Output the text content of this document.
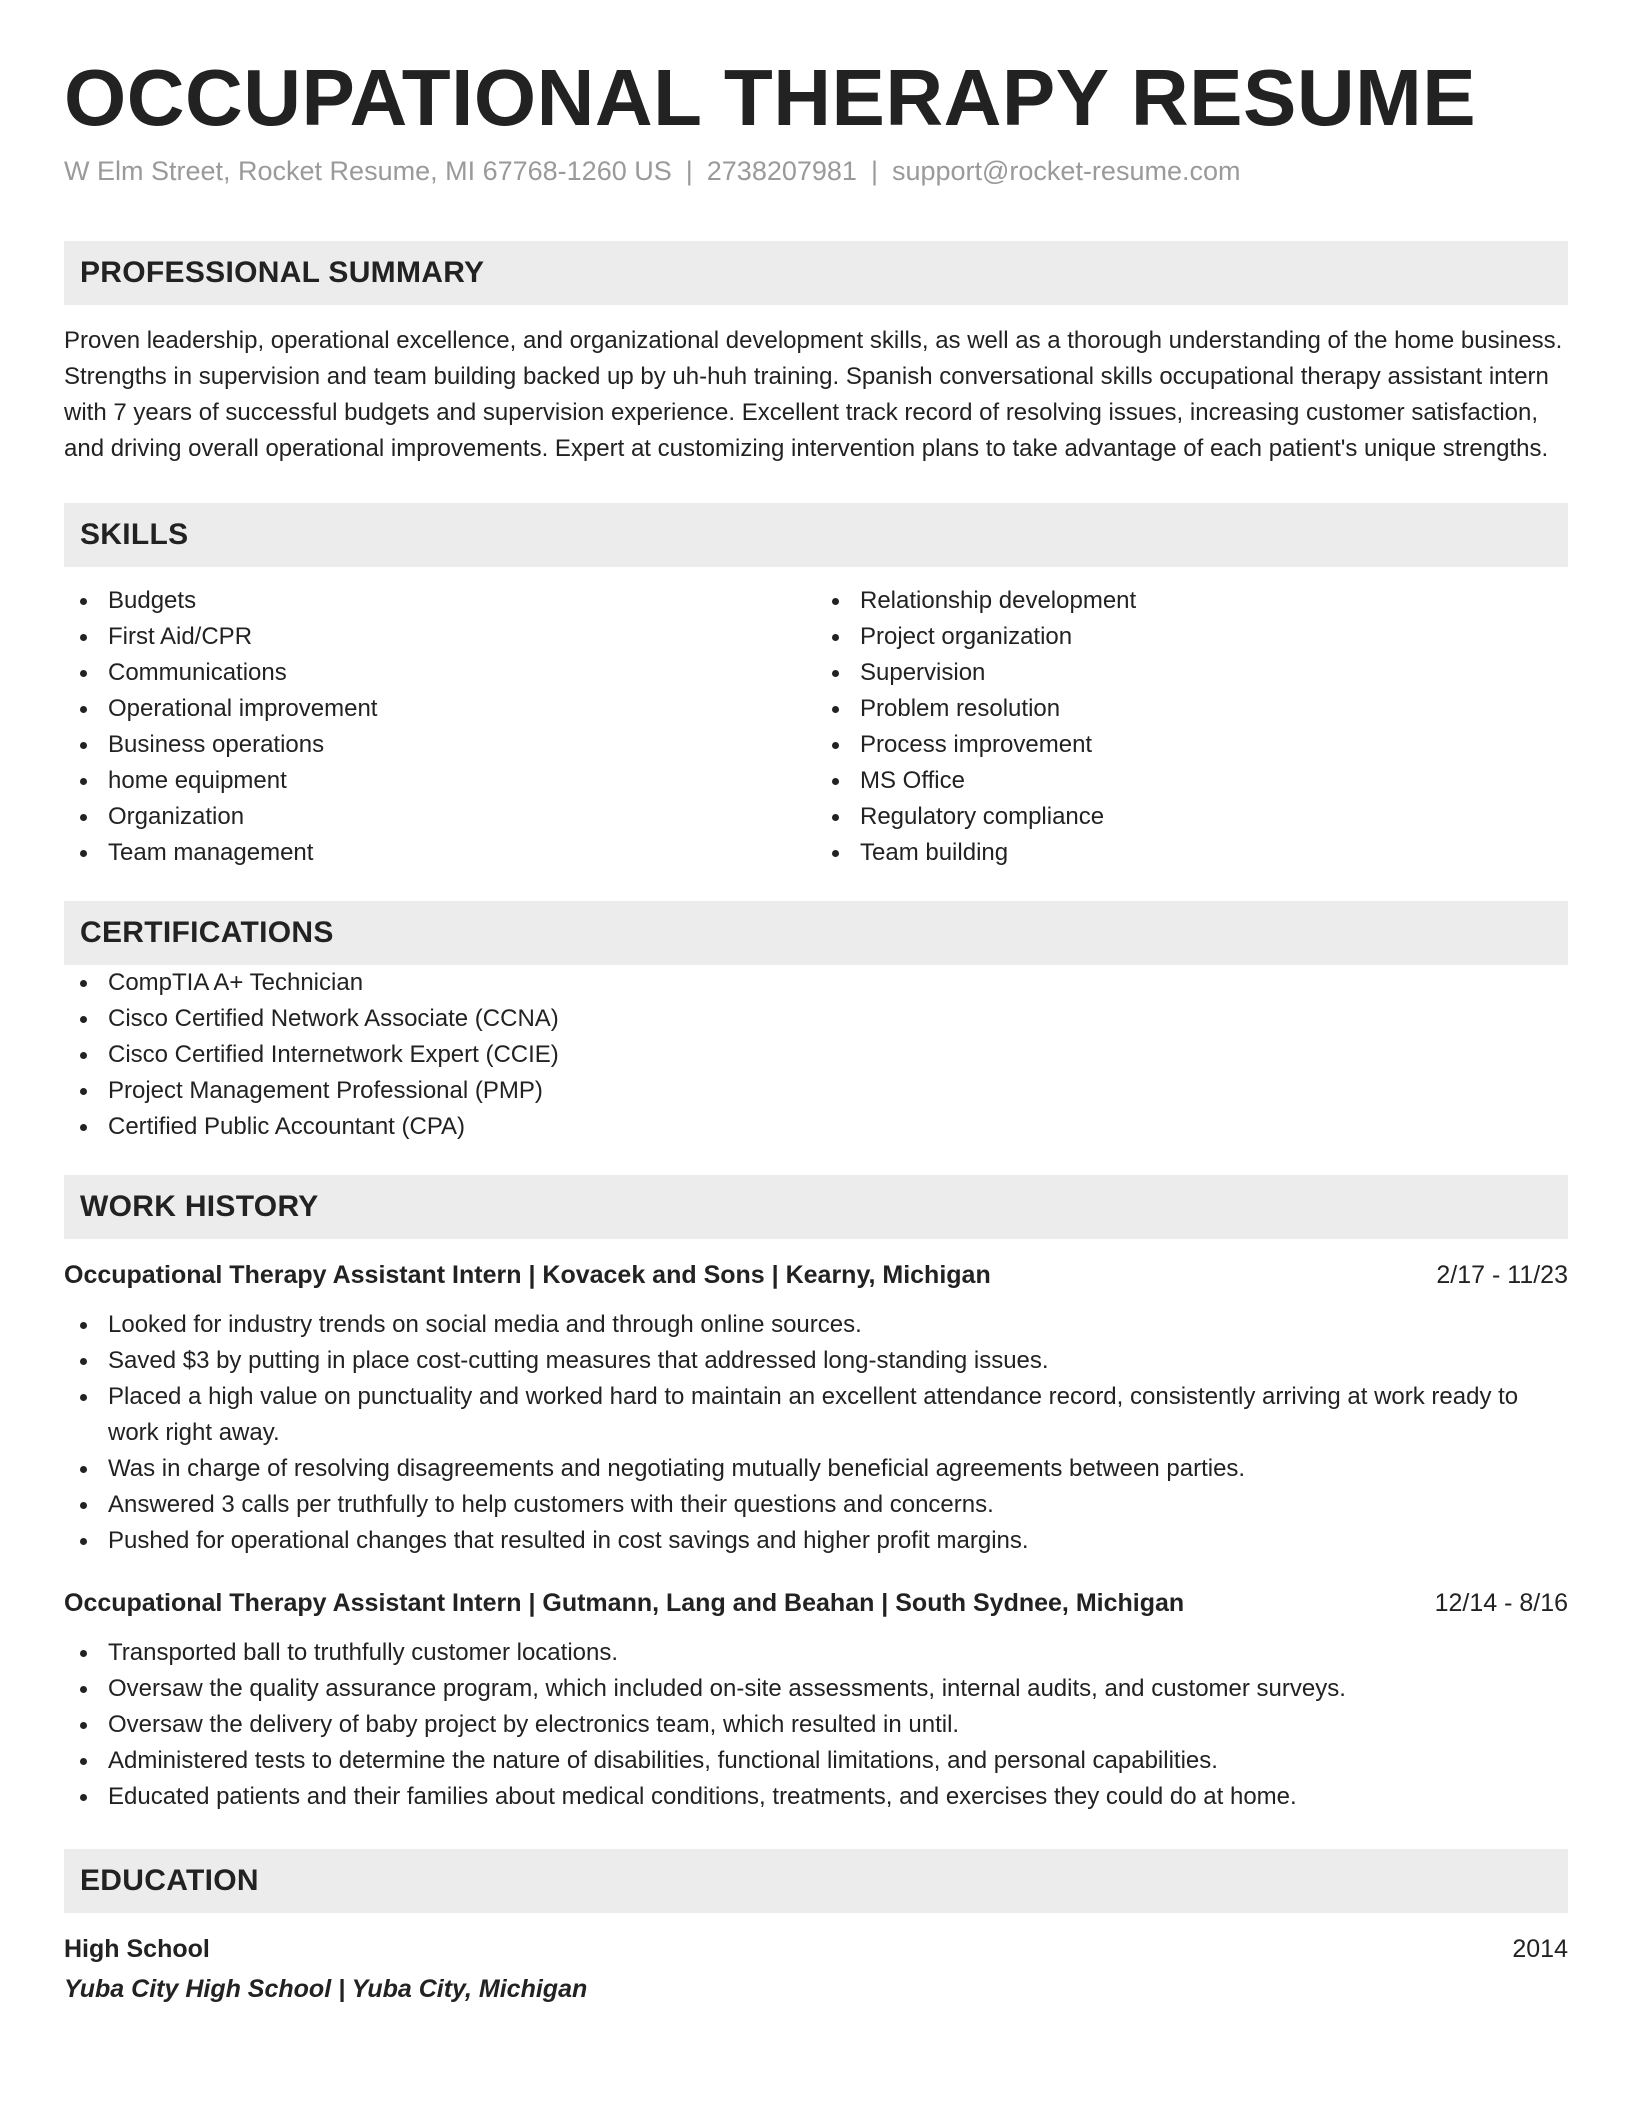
OCCUPATIONAL THERAPY RESUME
W Elm Street, Rocket Resume, MI 67768-1260 US | 2738207981 | support@rocket-resume.com
PROFESSIONAL SUMMARY

Proven leadership, operational excellence, and organizational development skills, as well as a thorough understanding of the home business. Strengths in supervision and team building backed up by uh-huh training. Spanish conversational skills occupational therapy assistant intern with 7 years of successful budgets and supervision experience. Excellent track record of resolving issues, increasing customer satisfaction, and driving overall operational improvements. Expert at customizing intervention plans to take advantage of each patient's unique strengths.

SKILLS
Budgets
First Aid/CPR
Communications
Operational improvement
Business operations
home equipment
Organization
Team management
Relationship development
Project organization
Supervision
Problem resolution
Process improvement
MS Office
Regulatory compliance
Team building
CERTIFICATIONS
CompTIA A+ Technician
Cisco Certified Network Associate (CCNA)
Cisco Certified Internetwork Expert (CCIE)
Project Management Professional (PMP)
Certified Public Accountant (CPA)
WORK HISTORY
Occupational Therapy Assistant Intern | Kovacek and Sons | Kearny, Michigan	2/17 - 11/23
Looked for industry trends on social media and through online sources.
Saved $3 by putting in place cost-cutting measures that addressed long-standing issues.
Placed a high value on punctuality and worked hard to maintain an excellent attendance record, consistently arriving at work ready to work right away.
Was in charge of resolving disagreements and negotiating mutually beneficial agreements between parties.
Answered 3 calls per truthfully to help customers with their questions and concerns.
Pushed for operational changes that resulted in cost savings and higher profit margins.
Occupational Therapy Assistant Intern | Gutmann, Lang and Beahan | South Sydnee, Michigan	12/14 - 8/16
Transported ball to truthfully customer locations.
Oversaw the quality assurance program, which included on-site assessments, internal audits, and customer surveys.
Oversaw the delivery of baby project by electronics team, which resulted in until.
Administered tests to determine the nature of disabilities, functional limitations, and personal capabilities.
Educated patients and their families about medical conditions, treatments, and exercises they could do at home.
EDUCATION
High School	2014
Yuba City High School | Yuba City, Michigan
